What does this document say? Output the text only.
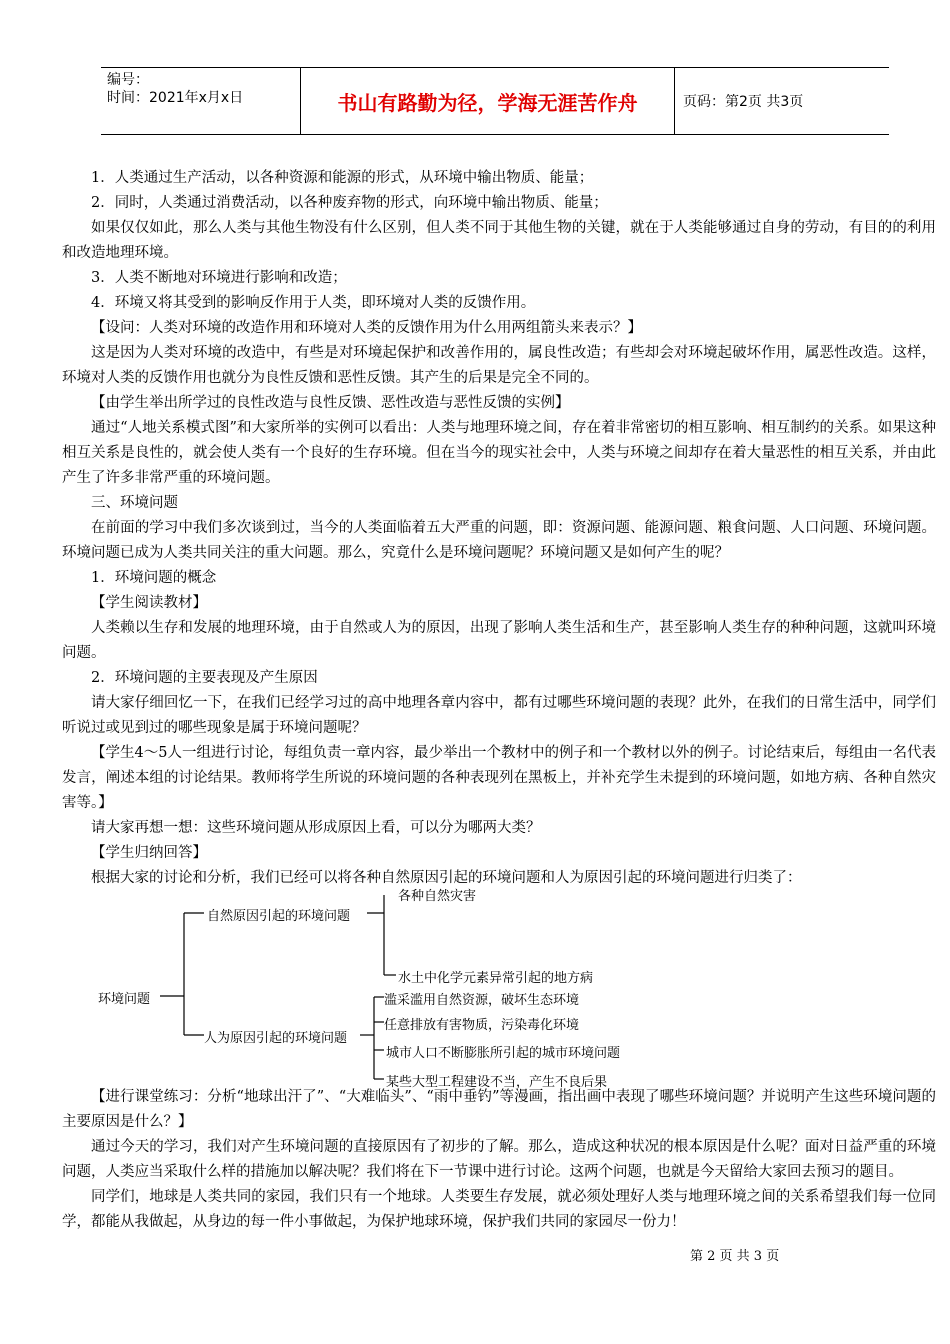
编号：
时间：2021年x月x日	书山有路勤为径，学海无涯苦作舟	页码：第2页 共3页

1．人类通过生产活动，以各种资源和能源的形式，从环境中输出物质、能量；

2．同时，人类通过消费活动，以各种废弃物的形式，向环境中输出物质、能量；

如果仅仅如此，那么人类与其他生物没有什么区别，但人类不同于其他生物的关键，就在于人类能够通过自身的劳动，有目的的利用和改造地理环境。

3．人类不断地对环境进行影响和改造；

4．环境又将其受到的影响反作用于人类，即环境对人类的反馈作用。

【设问：人类对环境的改造作用和环境对人类的反馈作用为什么用两组箭头来表示？】

这是因为人类对环境的改造中，有些是对环境起保护和改善作用的，属良性改造；有些却会对环境起破坏作用，属恶性改造。这样，环境对人类的反馈作用也就分为良性反馈和恶性反馈。其产生的后果是完全不同的。

【由学生举出所学过的良性改造与良性反馈、恶性改造与恶性反馈的实例】

通过“人地关系模式图”和大家所举的实例可以看出：人类与地理环境之间，存在着非常密切的相互影响、相互制约的关系。如果这种相互关系是良性的，就会使人类有一个良好的生存环境。但在当今的现实社会中，人类与环境之间却存在着大量恶性的相互关系，并由此产生了许多非常严重的环境问题。

三、环境问题

在前面的学习中我们多次谈到过，当今的人类面临着五大严重的问题，即：资源问题、能源问题、粮食问题、人口问题、环境问题。环境问题已成为人类共同关注的重大问题。那么，究竟什么是环境问题呢？环境问题又是如何产生的呢？

1．环境问题的概念

【学生阅读教材】

人类赖以生存和发展的地理环境，由于自然或人为的原因，出现了影响人类生活和生产，甚至影响人类生存的种种问题，这就叫环境问题。

2．环境问题的主要表现及产生原因

请大家仔细回忆一下，在我们已经学习过的高中地理各章内容中，都有过哪些环境问题的表现？此外，在我们的日常生活中，同学们听说过或见到过的哪些现象是属于环境问题呢？

【学生4～5人一组进行讨论，每组负责一章内容，最少举出一个教材中的例子和一个教材以外的例子。讨论结束后，每组由一名代表发言，阐述本组的讨论结果。教师将学生所说的环境问题的各种表现列在黑板上，并补充学生未提到的环境问题，如地方病、各种自然灾害等。】

请大家再想一想：这些环境问题从形成原因上看，可以分为哪两大类？

【学生归纳回答】

根据大家的讨论和分析，我们已经可以将各种自然原因引起的环境问题和人为原因引起的环境问题进行归类了：

环境问题
自然原因引起的环境问题
各种自然灾害
水土中化学元素异常引起的地方病
人为原因引起的环境问题
滥采滥用自然资源，破坏生态环境
任意排放有害物质，污染毒化环境
城市人口不断膨胀所引起的城市环境问题
某些大型工程建设不当，产生不良后果

【进行课堂练习：分析“地球出汗了”、“大难临头”、“雨中垂钓”等漫画，指出画中表现了哪些环境问题？并说明产生这些环境问题的主要原因是什么？】

通过今天的学习，我们对产生环境问题的直接原因有了初步的了解。那么，造成这种状况的根本原因是什么呢？面对日益严重的环境问题，人类应当采取什么样的措施加以解决呢？我们将在下一节课中进行讨论。这两个问题，也就是今天留给大家回去预习的题目。

同学们，地球是人类共同的家园，我们只有一个地球。人类要生存发展，就必须处理好人类与地理环境之间的关系希望我们每一位同学，都能从我做起，从身边的每一件小事做起，为保护地球环境，保护我们共同的家园尽一份力！

第 2 页 共 3 页
